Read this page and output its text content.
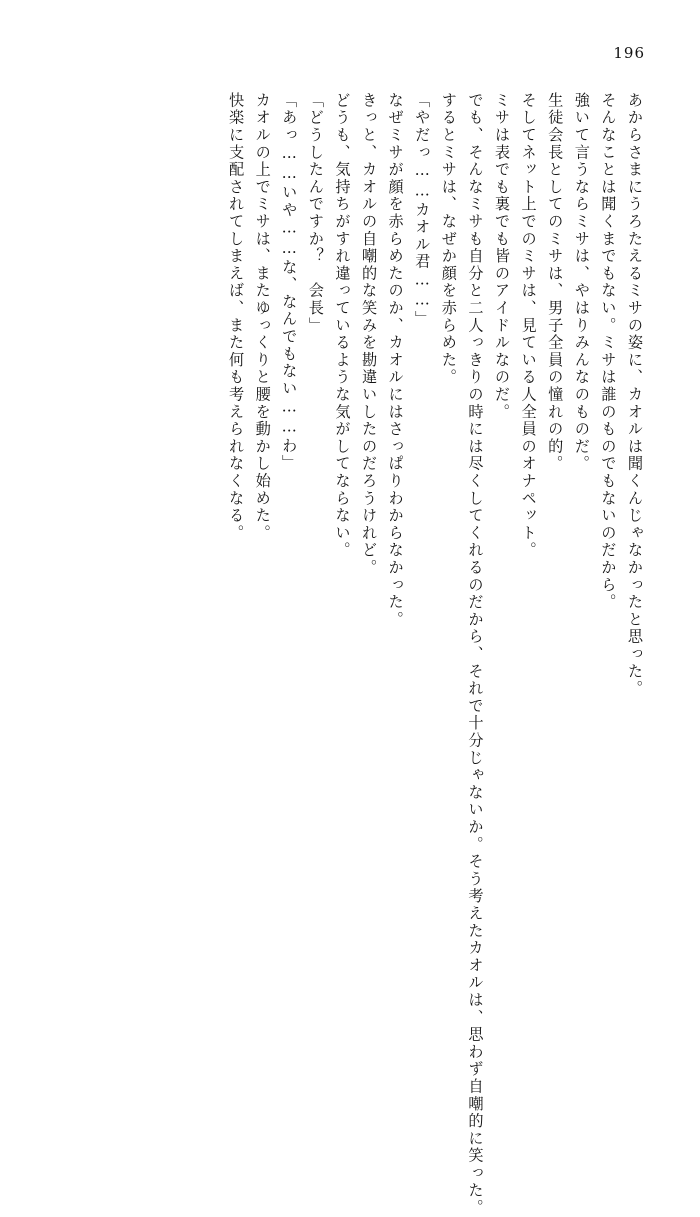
196
あからさまにうろたえるミサの姿に、カオルは聞くんじゃなかったと思った。
そんなことは聞くまでもない。ミサは誰のものでもないのだから。
強いて言うならミサは、やはりみんなのものだ。
生徒会長としてのミサは、男子全員の憧れの的。
そしてネット上でのミサは、見ている人全員のオナペット。
ミサは表でも裏でも皆のアイドルなのだ。
でも、そんなミサも自分と二人っきりの時には尽くしてくれるのだから、それで十分じゃないか。そう考えたカオルは、思わず自嘲的に笑った。
するとミサは、なぜか顔を赤らめた。
「やだっ……カオル君……」
なぜミサが顔を赤らめたのか、カオルにはさっぱりわからなかった。
きっと、カオルの自嘲的な笑みを勘違いしたのだろうけれど。
どうも、気持ちがすれ違っているような気がしてならない。
「どうしたんですか？　会長」
「あっ……いや……な、なんでもない……わ」
カオルの上でミサは、またゆっくりと腰を動かし始めた。
快楽に支配されてしまえば、また何も考えられなくなる。
